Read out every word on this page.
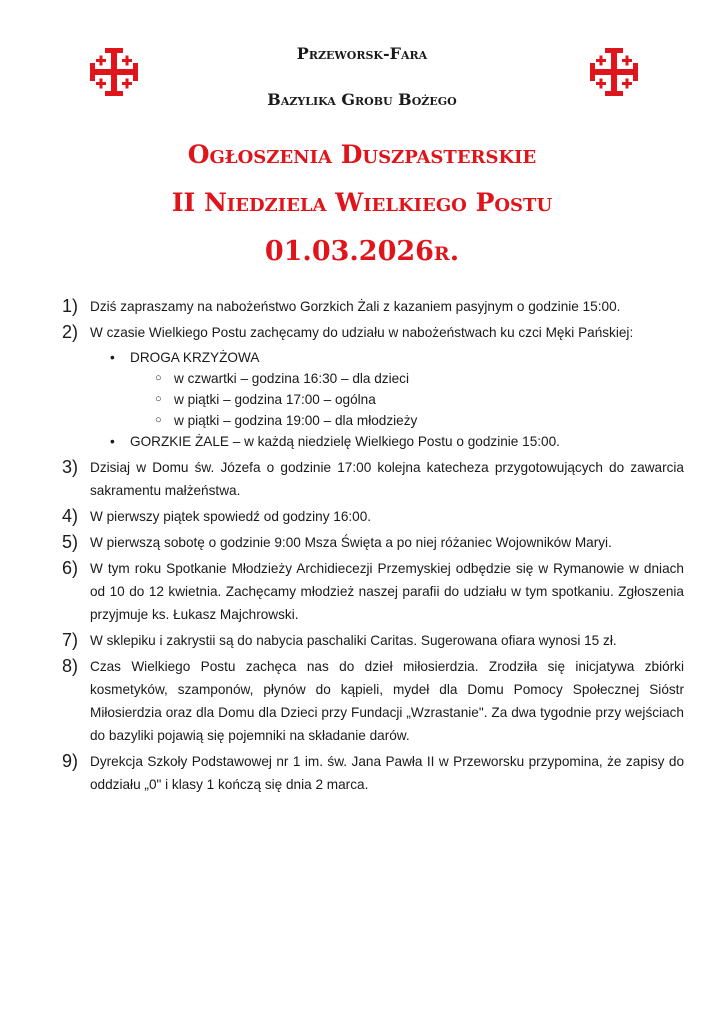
Przeworsk-Fara
Bazylika Grobu Bożego
Ogłoszenia Duszpasterskie
II Niedziela Wielkiego Postu
01.03.2026r.
1) Dziś zapraszamy na nabożeństwo Gorzkich Żali z kazaniem pasyjnym o godzinie 15:00.
2) W czasie Wielkiego Postu zachęcamy do udziału w nabożeństwach ku czci Męki Pańskiej:
• DROGA KRZYŻOWA
○ w czwartki – godzina 16:30 – dla dzieci
○ w piątki – godzina 17:00 – ogólna
○ w piątki – godzina 19:00 – dla młodzieży
• GORZKIE ŻALE – w każdą niedzielę Wielkiego Postu o godzinie 15:00.
3) Dzisiaj w Domu św. Józefa o godzinie 17:00 kolejna katecheza przygotowujących do zawarcia sakramentu małżeństwa.
4) W pierwszy piątek spowiedź od godziny 16:00.
5) W pierwszą sobotę o godzinie 9:00 Msza Święta a po niej różaniec Wojowników Maryi.
6) W tym roku Spotkanie Młodzieży Archidiecezji Przemyskiej odbędzie się w Rymanowie w dniach od 10 do 12 kwietnia. Zachęcamy młodzież naszej parafii do udziału w tym spotkaniu. Zgłoszenia przyjmuje ks. Łukasz Majchrowski.
7) W sklepiku i zakrystii są do nabycia paschaliki Caritas. Sugerowana ofiara wynosi 15 zł.
8) Czas Wielkiego Postu zachęca nas do dzieł miłosierdzia. Zrodziła się inicjatywa zbiórki kosmetyków, szamponów, płynów do kąpieli, mydeł dla Domu Pomocy Społecznej Sióstr Miłosierdzia oraz dla Domu dla Dzieci przy Fundacji „Wzrastanie". Za dwa tygodnie przy wejściach do bazyliki pojawią się pojemniki na składanie darów.
9) Dyrekcja Szkoły Podstawowej nr 1 im. św. Jana Pawła II w Przeworsku przypomina, że zapisy do oddziału „0" i klasy 1 kończą się dnia 2 marca.
